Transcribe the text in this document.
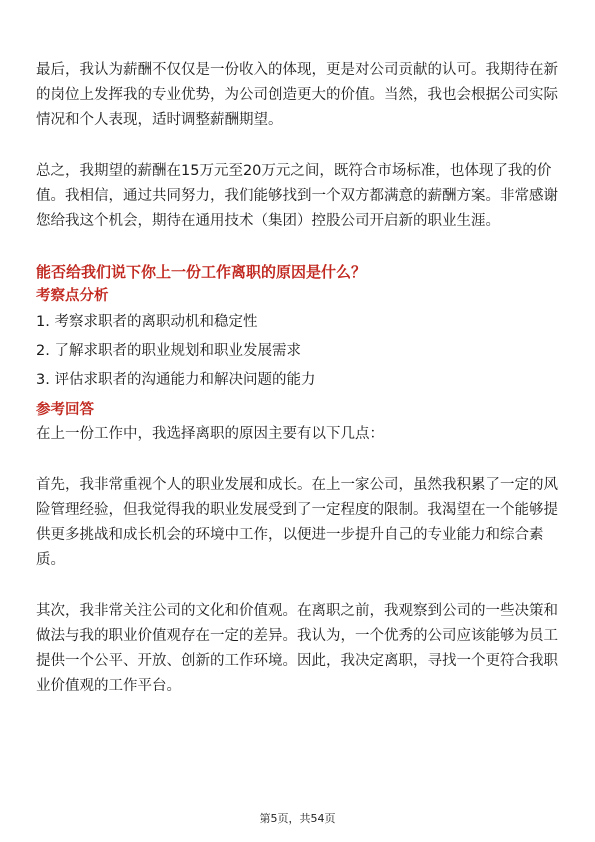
最后，我认为薪酬不仅仅是一份收入的体现，更是对公司贡献的认可。我期待在新的岗位上发挥我的专业优势，为公司创造更大的价值。当然，我也会根据公司实际情况和个人表现，适时调整薪酬期望。

总之，我期望的薪酬在15万元至20万元之间，既符合市场标准，也体现了我的价值。我相信，通过共同努力，我们能够找到一个双方都满意的薪酬方案。非常感谢您给我这个机会，期待在通用技术（集团）控股公司开启新的职业生涯。

能否给我们说下你上一份工作离职的原因是什么？
考察点分析
1. 考察求职者的离职动机和稳定性
2. 了解求职者的职业规划和职业发展需求
3. 评估求职者的沟通能力和解决问题的能力
参考回答

在上一份工作中，我选择离职的原因主要有以下几点：

首先，我非常重视个人的职业发展和成长。在上一家公司，虽然我积累了一定的风险管理经验，但我觉得我的职业发展受到了一定程度的限制。我渴望在一个能够提供更多挑战和成长机会的环境中工作，以便进一步提升自己的专业能力和综合素质。

其次，我非常关注公司的文化和价值观。在离职之前，我观察到公司的一些决策和做法与我的职业价值观存在一定的差异。我认为，一个优秀的公司应该能够为员工提供一个公平、开放、创新的工作环境。因此，我决定离职，寻找一个更符合我职业价值观的工作平台。

第5页，共54页
